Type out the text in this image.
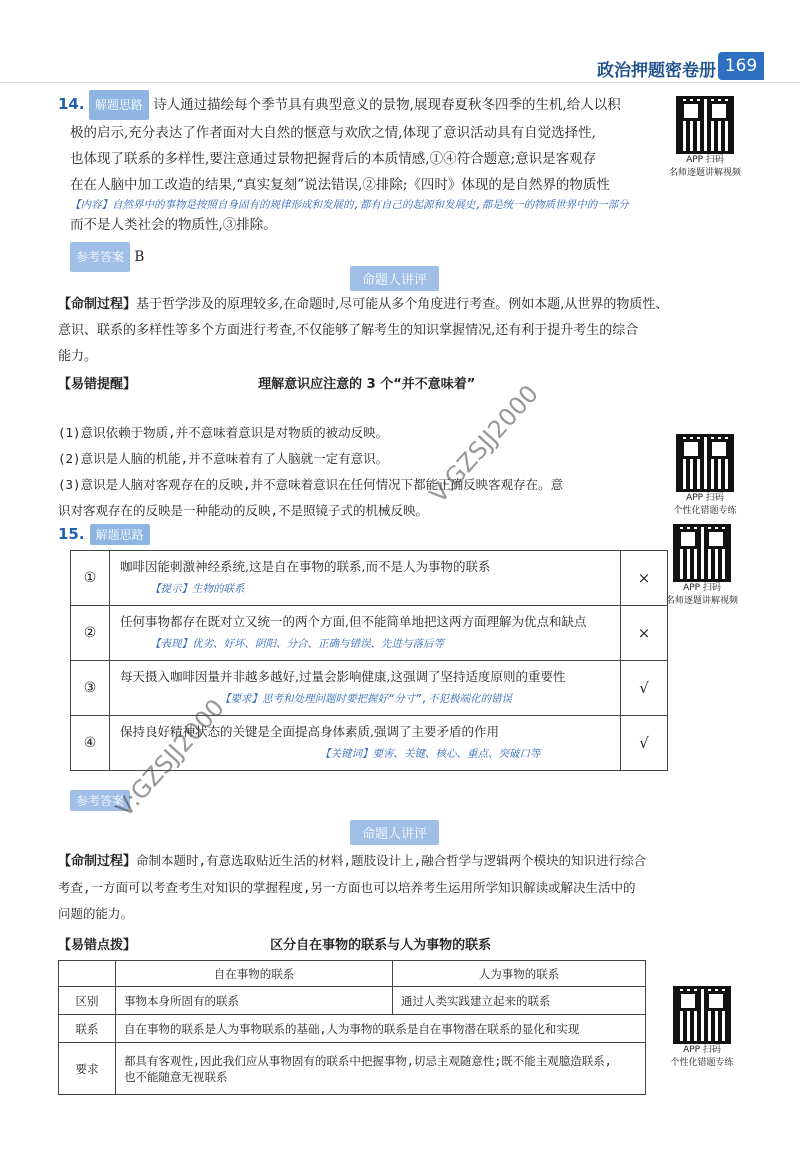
政治押题密卷册 169
14. 解题思路 诗人通过描绘每个季节具有典型意义的景物,展现春夏秋冬四季的生机,给人以积
极的启示,充分表达了作者面对大自然的惬意与欢欣之情,体现了意识活动具有自觉选择性,
也体现了联系的多样性,要注意通过景物把握背后的本质情感,①④符合题意;意识是客观存
在在人脑中加工改造的结果,“真实复刻”说法错误,②排除;《四时》体现的是自然界的物质性
【内容】自然界中的事物是按照自身固有的规律形成和发展的,都有自己的起源和发展史,都是统一的物质世界中的一部分
而不是人类社会的物质性,③排除。
参考答案 B
APP 扫码
名师逐题讲解视频
命题人讲评
【命制过程】基于哲学涉及的原理较多,在命题时,尽可能从多个角度进行考查。例如本题,从世界的物质性、
意识、联系的多样性等多个方面进行考查,不仅能够了解考生的知识掌握情况,还有利于提升考生的综合
能力。
【易错提醒】	理解意识应注意的 3 个“并不意味着”
(1)意识依赖于物质,并不意味着意识是对物质的被动反映。
(2)意识是人脑的机能,并不意味着有了人脑就一定有意识。
(3)意识是人脑对客观存在的反映,并不意味着意识在任何情况下都能正确反映客观存在。意
识对客观存在的反映是一种能动的反映,不是照镜子式的机械反映。
APP 扫码
个性化错题专练
15. 解题思路
①	咖啡因能刺激神经系统,这是自在事物的联系,而不是人为事物的联系
【提示】生物的联系	×
②	任何事物都存在既对立又统一的两个方面,但不能简单地把这两方面理解为优点和缺点
【表现】优劣、好坏、阴阳、分合、正确与错误、先进与落后等	×
③	每天摄入咖啡因量并非越多越好,过量会影响健康,这强调了坚持适度原则的重要性
【要求】思考和处理问题时要把握好“分寸”,不犯极端化的错误	√
④	保持良好精神状态的关键是全面提高身体素质,强调了主要矛盾的作用
【关键词】要害、关键、核心、重点、突破口等	√
APP 扫码
名师逐题讲解视频
参考答案
命题人讲评
【命制过程】命制本题时,有意选取贴近生活的材料,题肢设计上,融合哲学与逻辑两个模块的知识进行综合
考查,一方面可以考查考生对知识的掌握程度,另一方面也可以培养考生运用所学知识解读或解决生活中的
问题的能力。
【易错点拨】	区分自在事物的联系与人为事物的联系
	自在事物的联系	人为事物的联系
区别	事物本身所固有的联系	通过人类实践建立起来的联系
联系	自在事物的联系是人为事物联系的基础,人为事物的联系是自在事物潜在联系的显化和实现	
要求	都具有客观性,因此我们应从事物固有的联系中把握事物,切忌主观随意性;既不能主观臆造联系,
也不能随意无视联系	
APP 扫码
个性化错题专练
V:GZSJJ2000
V:GZSJJ2000
